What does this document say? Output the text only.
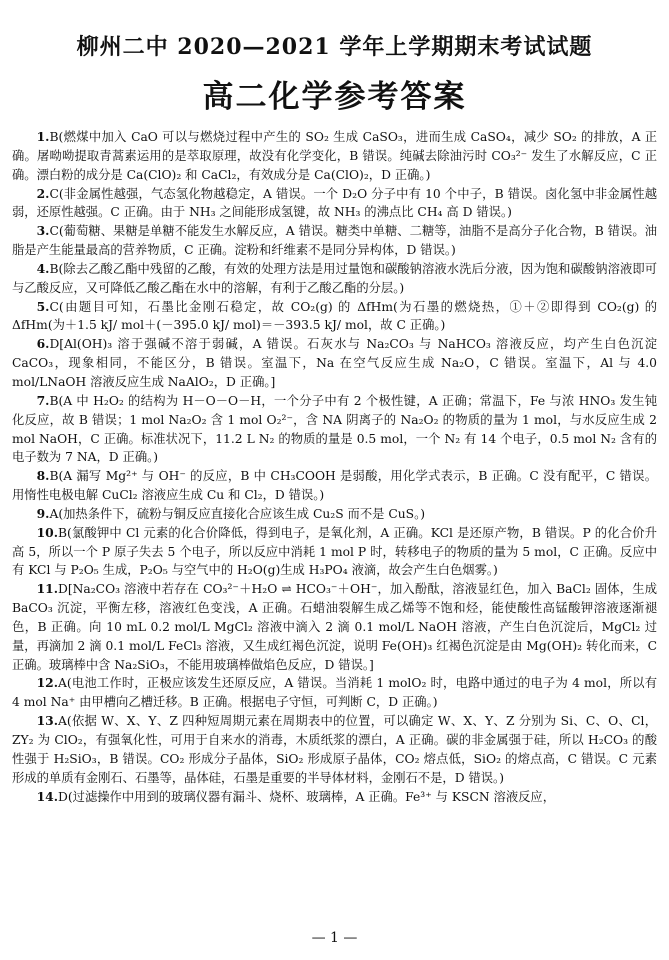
柳州二中 2020—2021 学年上学期期末考试试题
高二化学参考答案

1.B(燃煤中加入 CaO 可以与燃烧过程中产生的 SO₂ 生成 CaSO₃，进而生成 CaSO₄，减少 SO₂ 的排放，A 正确。屠呦呦提取青蒿素运用的是萃取原理，故没有化学变化，B 错误。纯碱去除油污时 CO₃²⁻ 发生了水解反应，C 正确。漂白粉的成分是 Ca(ClO)₂ 和 CaCl₂，有效成分是 Ca(ClO)₂，D 正确。)

2.C(非金属性越强，气态氢化物越稳定，A 错误。一个 D₂O 分子中有 10 个中子，B 错误。卤化氢中非金属性越弱，还原性越强。C 正确。由于 NH₃ 之间能形成氢键，故 NH₃ 的沸点比 CH₄ 高 D 错误。)

3.C(葡萄糖、果糖是单糖不能发生水解反应，A 错误。糖类中单糖、二糖等，油脂不是高分子化合物，B 错误。油脂是产生能量最高的营养物质，C 正确。淀粉和纤维素不是同分异构体，D 错误。)

4.B(除去乙酸乙酯中残留的乙酸，有效的处理方法是用过量饱和碳酸钠溶液水洗后分液，因为饱和碳酸钠溶液即可与乙酸反应，又可降低乙酸乙酯在水中的溶解，有利于乙酸乙酯的分层。)

5.C(由题目可知，石墨比金刚石稳定，故 CO₂(g) 的 ΔfHm(为石墨的燃烧热，①＋②即得到 CO₂(g) 的 ΔfHm(为＋1.5 kJ/ mol＋(－395.0 kJ/ mol)＝－393.5 kJ/ mol，故 C 正确。)

6.D[Al(OH)₃ 溶于强碱不溶于弱碱，A 错误。石灰水与 Na₂CO₃ 与 NaHCO₃ 溶液反应，均产生白色沉淀 CaCO₃，现象相同，不能区分，B 错误。室温下，Na 在空气反应生成 Na₂O，C 错误。室温下，Al 与 4.0 mol/LNaOH 溶液反应生成 NaAlO₂，D 正确。]

7.B(A 中 H₂O₂ 的结构为 H－O－O－H，一个分子中有 2 个极性键，A 正确；常温下，Fe 与浓 HNO₃ 发生钝化反应，故 B 错误；1 mol Na₂O₂ 含 1 mol O₂²⁻，含 NA 阴离子的 Na₂O₂ 的物质的量为 1 mol，与水反应生成 2 mol NaOH，C 正确。标准状况下，11.2 L N₂ 的物质的量是 0.5 mol，一个 N₂ 有 14 个电子，0.5 mol N₂ 含有的电子数为 7 NA，D 正确。)

8.B(A 漏写 Mg²⁺ 与 OH⁻ 的反应，B 中 CH₃COOH 是弱酸，用化学式表示，B 正确。C 没有配平，C 错误。用惰性电极电解 CuCl₂ 溶液应生成 Cu 和 Cl₂，D 错误。)

9.A(加热条件下，硫粉与铜反应直接化合应该生成 Cu₂S 而不是 CuS。)

10.B(氯酸钾中 Cl 元素的化合价降低，得到电子，是氧化剂，A 正确。KCl 是还原产物，B 错误。P 的化合价升高 5，所以一个 P 原子失去 5 个电子，所以反应中消耗 1 mol P 时，转移电子的物质的量为 5 mol，C 正确。反应中有 KCl 与 P₂O₅ 生成，P₂O₅ 与空气中的 H₂O(g)生成 H₃PO₄ 液滴，故会产生白色烟雾。)

11.D[Na₂CO₃ 溶液中若存在 CO₃²⁻＋H₂O ⇌ HCO₃⁻＋OH⁻，加入酚酞，溶液显红色，加入 BaCl₂ 固体，生成 BaCO₃ 沉淀，平衡左移，溶液红色变浅，A 正确。石蜡油裂解生成乙烯等不饱和烃，能使酸性高锰酸钾溶液逐渐褪色，B 正确。向 10 mL 0.2 mol/L MgCl₂ 溶液中滴入 2 滴 0.1 mol/L NaOH 溶液，产生白色沉淀后，MgCl₂ 过量，再滴加 2 滴 0.1 mol/L FeCl₃ 溶液，又生成红褐色沉淀，说明 Fe(OH)₃ 红褐色沉淀是由 Mg(OH)₂ 转化而来，C 正确。玻璃棒中含 Na₂SiO₃，不能用玻璃棒做焰色反应，D 错误。]

12.A(电池工作时，正极应该发生还原反应，A 错误。当消耗 1 molO₂ 时，电路中通过的电子为 4 mol，所以有 4 mol Na⁺ 由甲槽向乙槽迁移。B 正确。根据电子守恒，可判断 C，D 正确。)

13.A(依据 W、X、Y、Z 四种短周期元素在周期表中的位置，可以确定 W、X、Y、Z 分别为 Si、C、O、Cl，ZY₂ 为 ClO₂，有强氧化性，可用于自来水的消毒，木质纸浆的漂白，A 正确。碳的非金属强于硅，所以 H₂CO₃ 的酸性强于 H₂SiO₃，B 错误。CO₂ 形成分子晶体，SiO₂ 形成原子晶体，CO₂ 熔点低，SiO₂ 的熔点高，C 错误。C 元素形成的单质有金刚石、石墨等，晶体硅，石墨是重要的半导体材料，金刚石不是，D 错误。)

14.D(过滤操作中用到的玻璃仪器有漏斗、烧杯、玻璃棒，A 正确。Fe³⁺ 与 KSCN 溶液反应，

— 1 —
